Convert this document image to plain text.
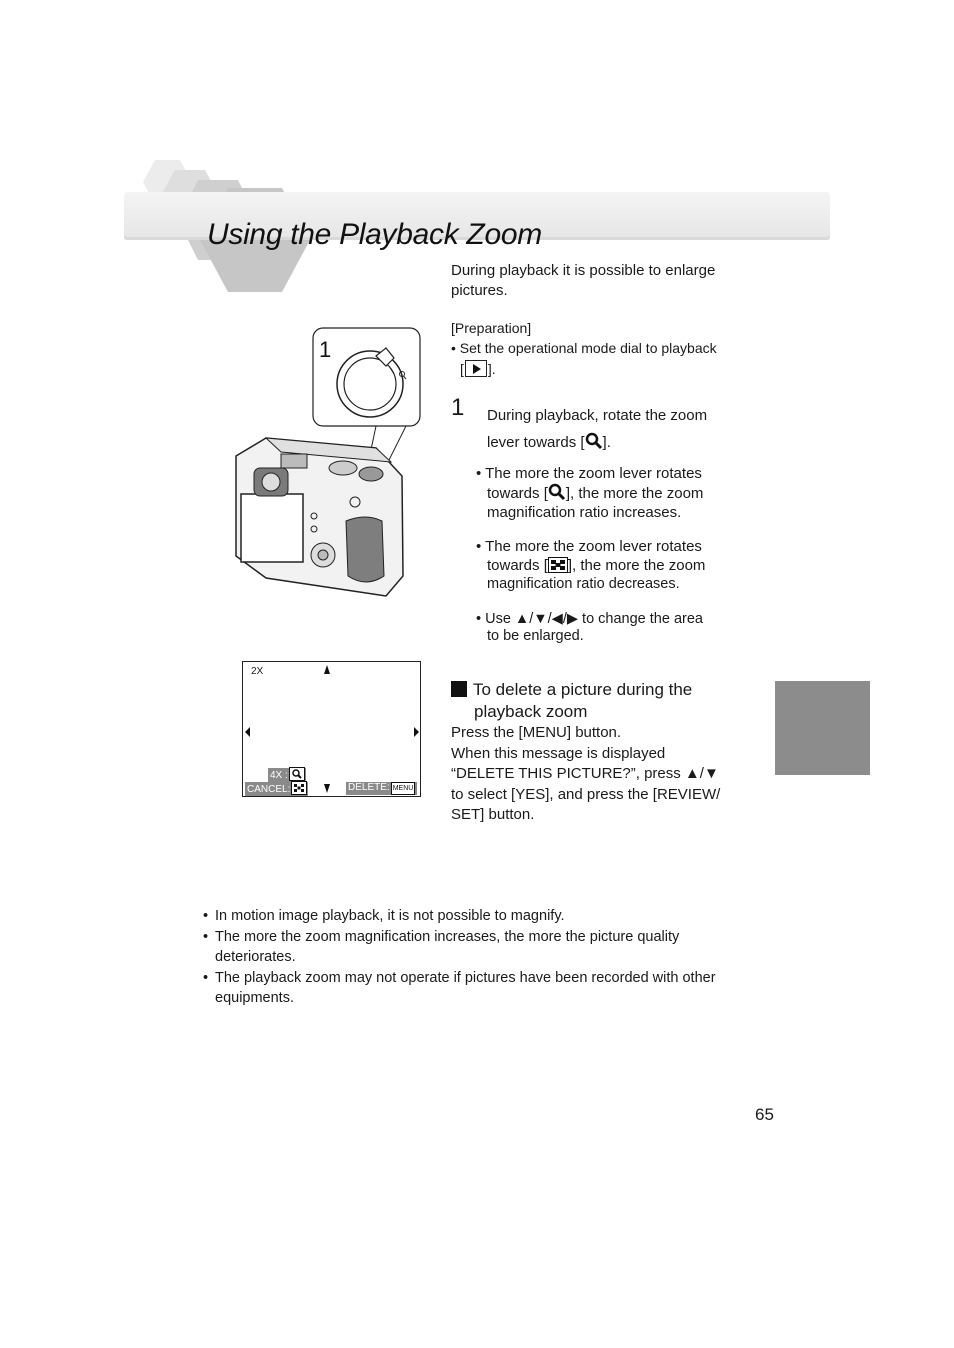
Using the Playback Zoom
During playback it is possible to enlarge pictures.
[Preparation]
• Set the operational mode dial to playback
[ ].
1 During playback, rotate the zoom
lever towards [ ].
• The more the zoom lever rotates
towards [ ], the more the zoom
magnification ratio increases.
• The more the zoom lever rotates
towards [ ], the more the zoom
magnification ratio decreases.
• Use ▲/▼/◀/▶ to change the area
to be enlarged.
To delete a picture during the
playback zoom
Press the [MENU] button.
When this message is displayed
“DELETE THIS PICTURE?”, press ▲/▼
to select [YES], and press the [REVIEW/
SET] button.
1
2X
4X :
CANCEL:	DELETE: MENU
• In motion image playback, it is not possible to magnify.
• The more the zoom magnification increases, the more the picture quality deteriorates.
• The playback zoom may not operate if pictures have been recorded with other equipments.
65
